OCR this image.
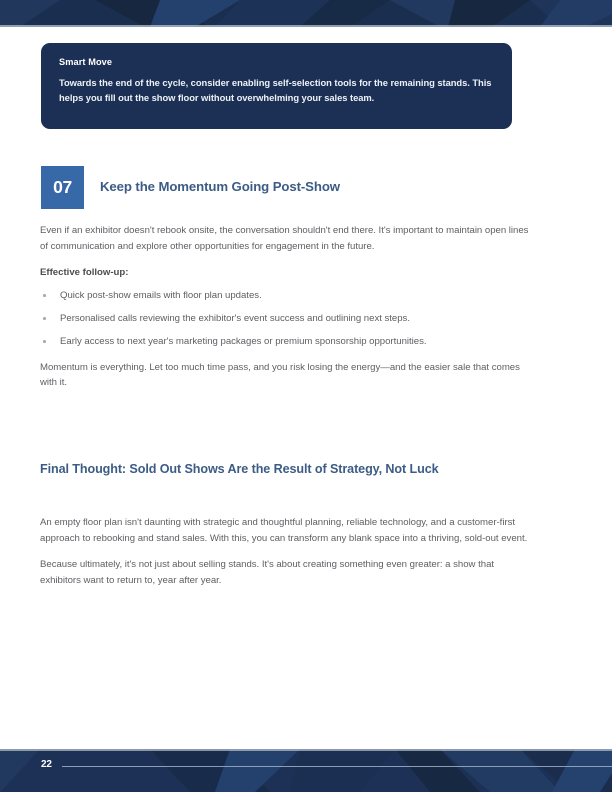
Smart Move
Towards the end of the cycle, consider enabling self-selection tools for the remaining stands. This helps you fill out the show floor without overwhelming your sales team.
07 Keep the Momentum Going Post-Show

Even if an exhibitor doesn't rebook onsite, the conversation shouldn't end there. It's important to maintain open lines of communication and explore other opportunities for engagement in the future.

Effective follow-up:
Quick post-show emails with floor plan updates.
Personalised calls reviewing the exhibitor's event success and outlining next steps.
Early access to next year's marketing packages or premium sponsorship opportunities.

Momentum is everything. Let too much time pass, and you risk losing the energy—and the easier sale that comes with it.

Final Thought: Sold Out Shows Are the Result of Strategy, Not Luck

An empty floor plan isn't daunting with strategic and thoughtful planning, reliable technology, and a customer-first approach to rebooking and stand sales. With this, you can transform any blank space into a thriving, sold-out event.

Because ultimately, it's not just about selling stands. It's about creating something even greater: a show that exhibitors want to return to, year after year.

22
